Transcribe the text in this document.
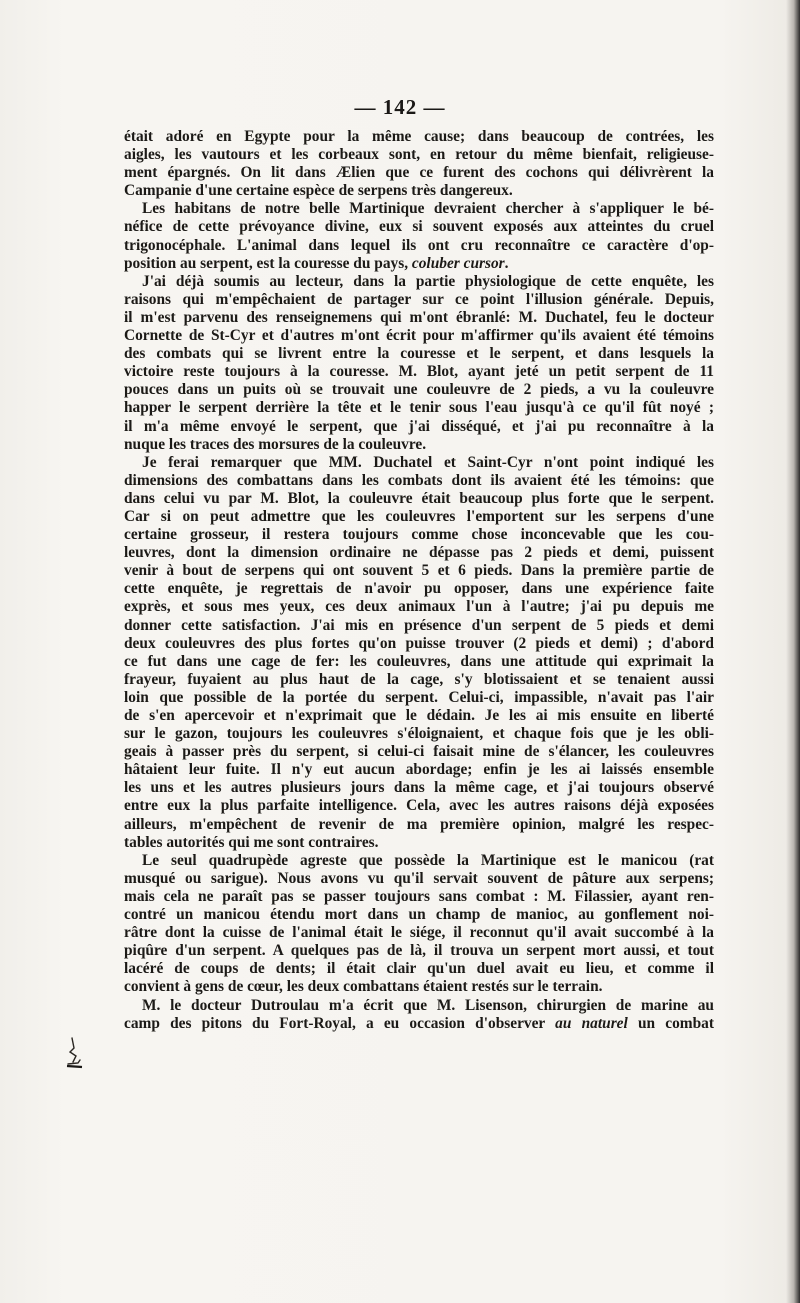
— 142 —
était adoré en Egypte pour la même cause; dans beaucoup de contrées, les
aigles, les vautours et les corbeaux sont, en retour du même bienfait, religieuse-
ment épargnés. On lit dans Ælien que ce furent des cochons qui délivrèrent la
Campanie d'une certaine espèce de serpens très dangereux.
Les habitans de notre belle Martinique devraient chercher à s'appliquer le bé-
néfice de cette prévoyance divine, eux si souvent exposés aux atteintes du cruel
trigonocéphale. L'animal dans lequel ils ont cru reconnaître ce caractère d'op-
position au serpent, est la couresse du pays, coluber cursor.
J'ai déjà soumis au lecteur, dans la partie physiologique de cette enquête, les
raisons qui m'empêchaient de partager sur ce point l'illusion générale. Depuis,
il m'est parvenu des renseignemens qui m'ont ébranlé: M. Duchatel, feu le docteur
Cornette de St-Cyr et d'autres m'ont écrit pour m'affirmer qu'ils avaient été témoins
des combats qui se livrent entre la couresse et le serpent, et dans lesquels la
victoire reste toujours à la couresse. M. Blot, ayant jeté un petit serpent de 11
pouces dans un puits où se trouvait une couleuvre de 2 pieds, a vu la couleuvre
happer le serpent derrière la tête et le tenir sous l'eau jusqu'à ce qu'il fût noyé ;
il m'a même envoyé le serpent, que j'ai disséqué, et j'ai pu reconnaître à la
nuque les traces des morsures de la couleuvre.
Je ferai remarquer que MM. Duchatel et Saint-Cyr n'ont point indiqué les
dimensions des combattans dans les combats dont ils avaient été les témoins: que
dans celui vu par M. Blot, la couleuvre était beaucoup plus forte que le serpent.
Car si on peut admettre que les couleuvres l'emportent sur les serpens d'une
certaine grosseur, il restera toujours comme chose inconcevable que les cou-
leuvres, dont la dimension ordinaire ne dépasse pas 2 pieds et demi, puissent
venir à bout de serpens qui ont souvent 5 et 6 pieds. Dans la première partie de
cette enquête, je regrettais de n'avoir pu opposer, dans une expérience faite
exprès, et sous mes yeux, ces deux animaux l'un à l'autre; j'ai pu depuis me
donner cette satisfaction. J'ai mis en présence d'un serpent de 5 pieds et demi
deux couleuvres des plus fortes qu'on puisse trouver (2 pieds et demi) ; d'abord
ce fut dans une cage de fer: les couleuvres, dans une attitude qui exprimait la
frayeur, fuyaient au plus haut de la cage, s'y blotissaient et se tenaient aussi
loin que possible de la portée du serpent. Celui-ci, impassible, n'avait pas l'air
de s'en apercevoir et n'exprimait que le dédain. Je les ai mis ensuite en liberté
sur le gazon, toujours les couleuvres s'éloignaient, et chaque fois que je les obli-
geais à passer près du serpent, si celui-ci faisait mine de s'élancer, les couleuvres
hâtaient leur fuite. Il n'y eut aucun abordage; enfin je les ai laissés ensemble
les uns et les autres plusieurs jours dans la même cage, et j'ai toujours observé
entre eux la plus parfaite intelligence. Cela, avec les autres raisons déjà exposées
ailleurs, m'empêchent de revenir de ma première opinion, malgré les respec-
tables autorités qui me sont contraires.
Le seul quadrupède agreste que possède la Martinique est le manicou (rat
musqué ou sarigue). Nous avons vu qu'il servait souvent de pâture aux serpens;
mais cela ne paraît pas se passer toujours sans combat : M. Filassier, ayant ren-
contré un manicou étendu mort dans un champ de manioc, au gonflement noi-
râtre dont la cuisse de l'animal était le siége, il reconnut qu'il avait succombé à la
piqûre d'un serpent. A quelques pas de là, il trouva un serpent mort aussi, et tout
lacéré de coups de dents; il était clair qu'un duel avait eu lieu, et comme il
convient à gens de cœur, les deux combattans étaient restés sur le terrain.
M. le docteur Dutroulau m'a écrit que M. Lisenson, chirurgien de marine au
camp des pitons du Fort-Royal, a eu occasion d'observer au naturel un combat
